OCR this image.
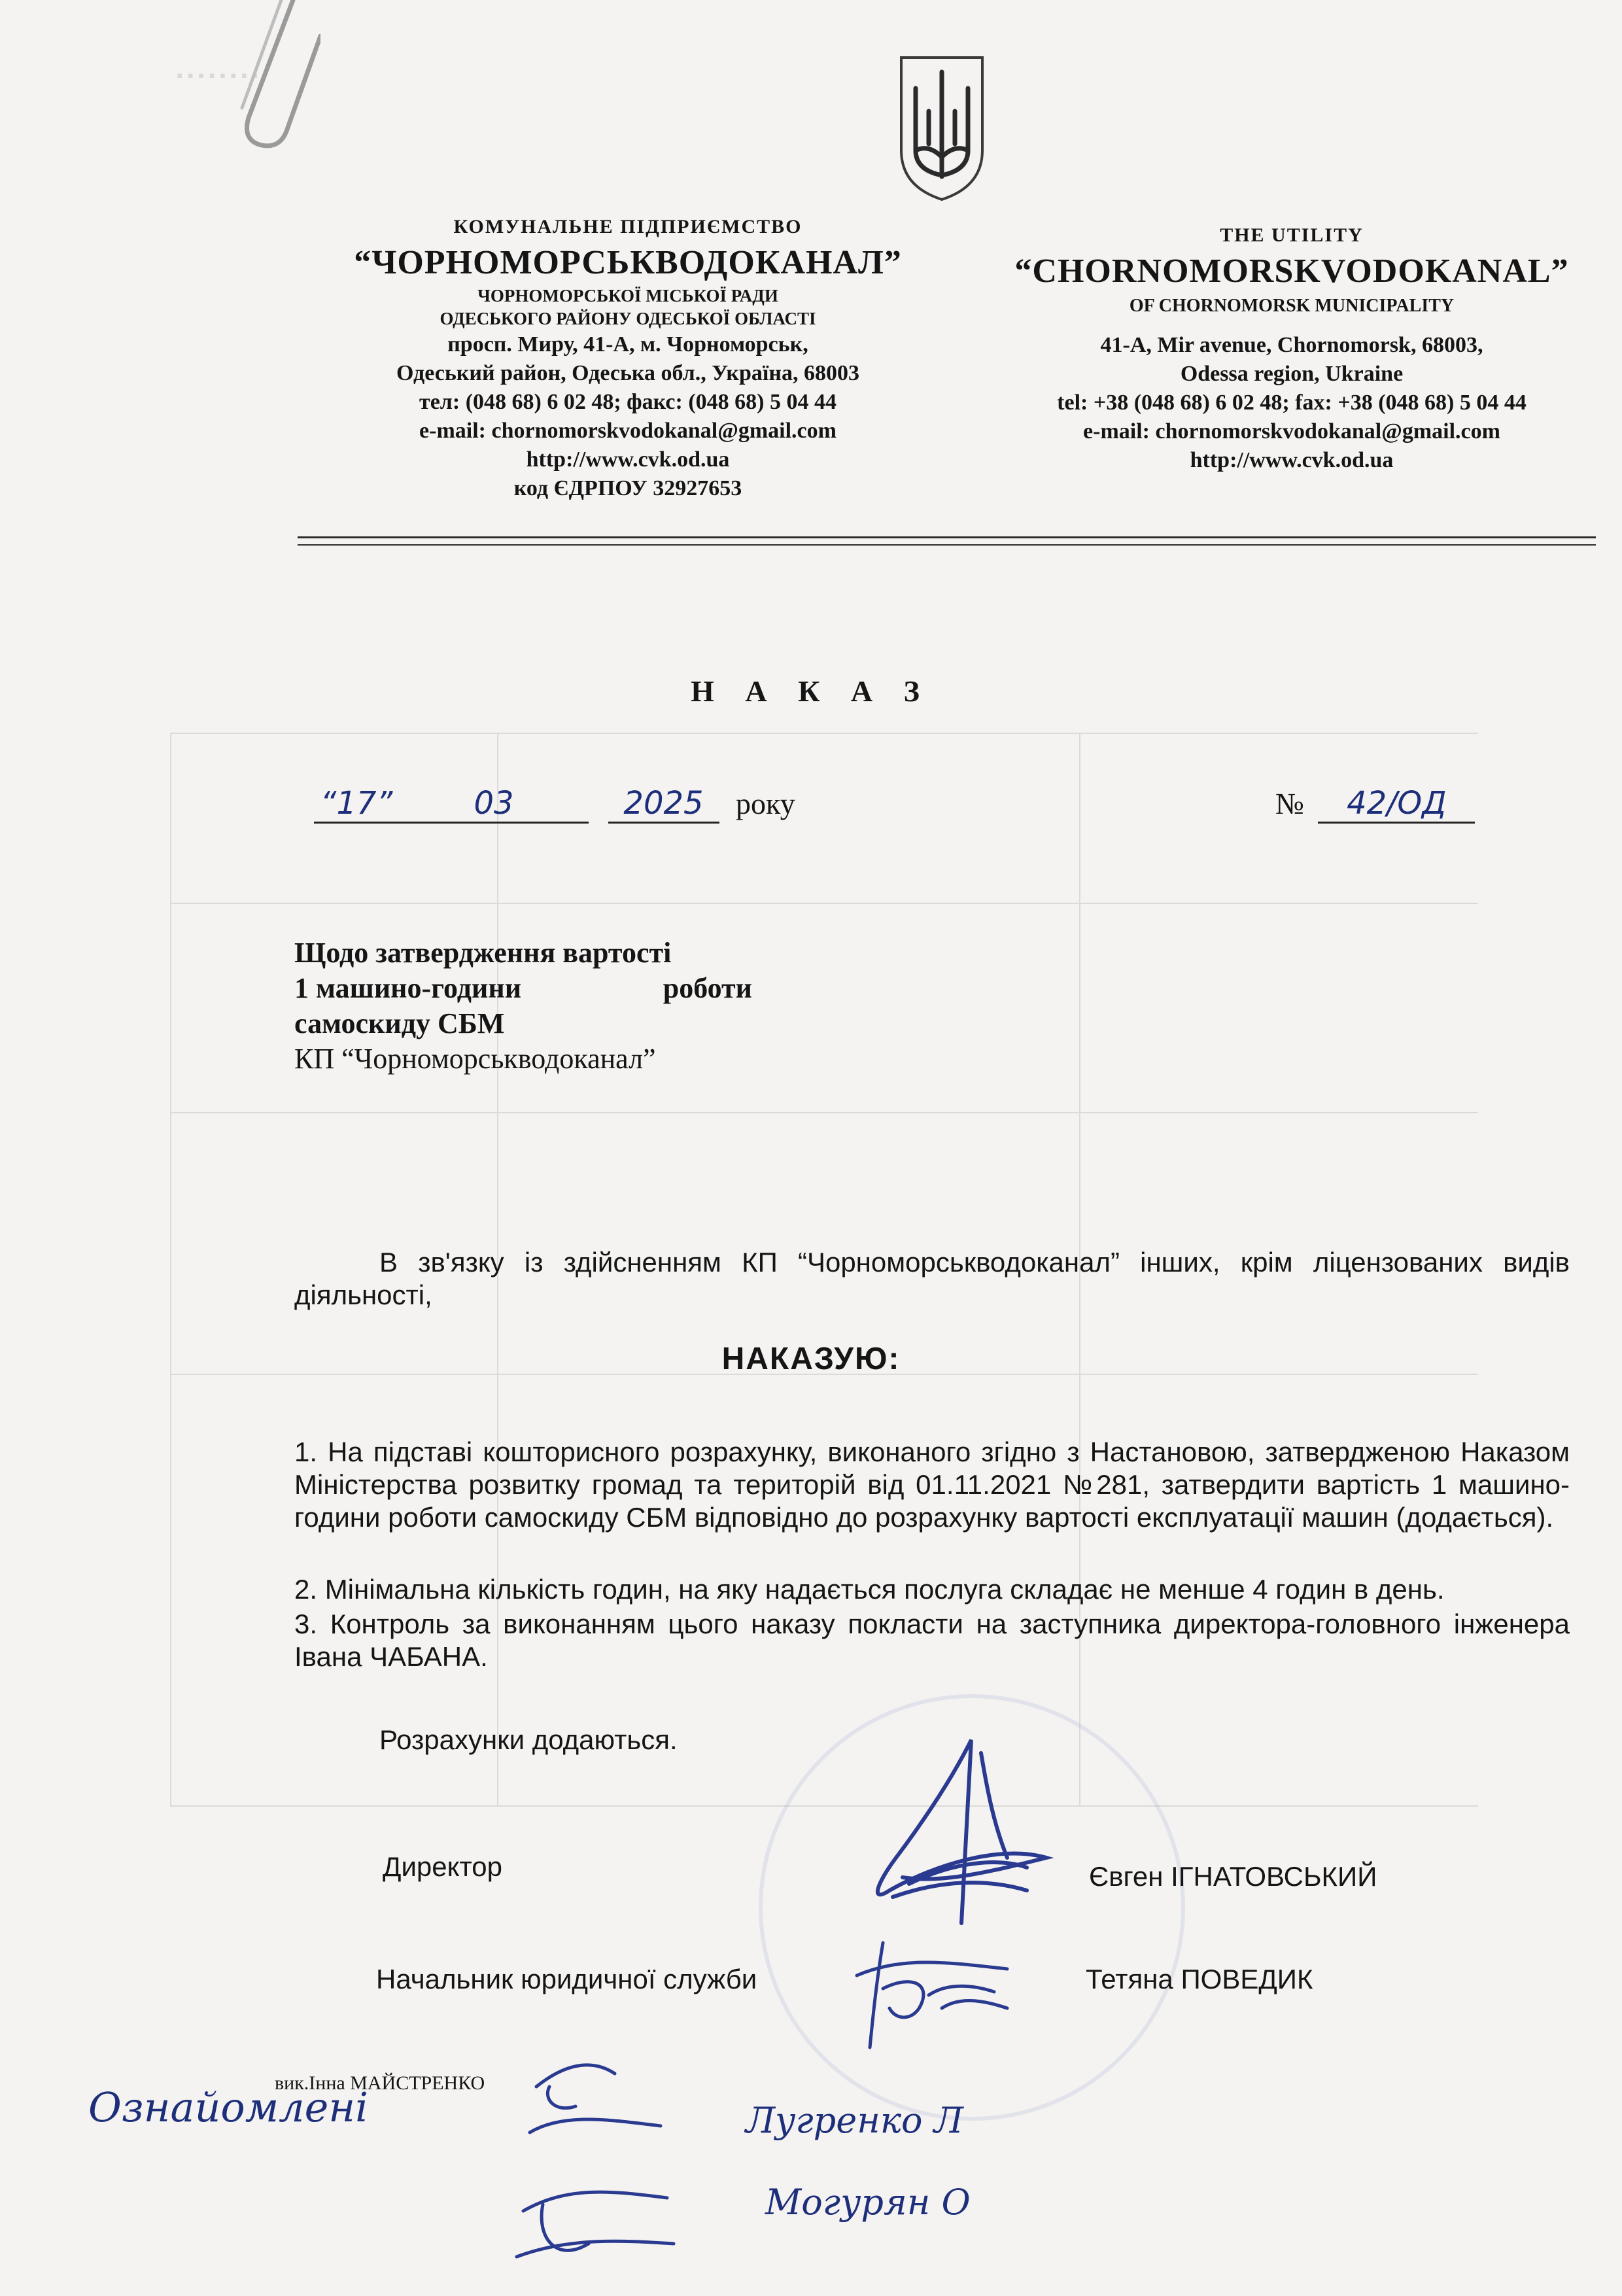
▪ ▪ ▪ ▪ ▪ ▪ ▪ ▪
КОМУНАЛЬНЕ ПІДПРИЄМСТВО
“ЧОРНОМОРСЬКВОДОКАНАЛ”
ЧОРНОМОРСЬКОЇ МІСЬКОЇ РАДИ
ОДЕСЬКОГО РАЙОНУ ОДЕСЬКОЇ ОБЛАСТІ
просп. Миру, 41-А, м. Чорноморськ,
Одеський район, Одеська обл., Україна, 68003
тел: (048 68) 6 02 48; факс: (048 68) 5 04 44
e-mail: chornomorskvodokanal@gmail.com
http://www.cvk.od.ua
код ЄДРПОУ 32927653
THE UTILITY
“CHORNOMORSKVODOKANAL”
OF CHORNOMORSK MUNICIPALITY
41-A, Mir avenue, Chornomorsk, 68003,
Odessa region, Ukraine
tel: +38 (048 68) 6 02 48; fax: +38 (048 68) 5 04 44
e-mail: chornomorskvodokanal@gmail.com
http://www.cvk.od.ua
Н А К А З
“17”	03	2025 року	№ 42/ОД
Щодо затвердження вартості
1 машино-години	роботи
самоскиду СБМ
КП “Чорноморськводоканал”
В зв'язку із здійсненням КП “Чорноморськводоканал” інших, крім ліцензованих видів діяльності,
НАКАЗУЮ:
1. На підставі кошторисного розрахунку, виконаного згідно з Настановою, затвердженою Наказом Міністерства розвитку громад та територій від 01.11.2021 №281, затвердити вартість 1 машино-години роботи самоскиду СБМ відповідно до розрахунку вартості експлуатації машин (додається).
2. Мінімальна кількість годин, на яку надається послуга складає не менше 4 годин в день.
3. Контроль за виконанням цього наказу покласти на заступника директора-головного інженера Івана ЧАБАНА.
Розрахунки додаються.
Директор	Євген ІГНАТОВСЬКИЙ
Начальник юридичної служби	Тетяна ПОВЕДИК
вик.Інна МАЙСТРЕНКО
Ознайомлені	Лугренко Л
Могурян О
